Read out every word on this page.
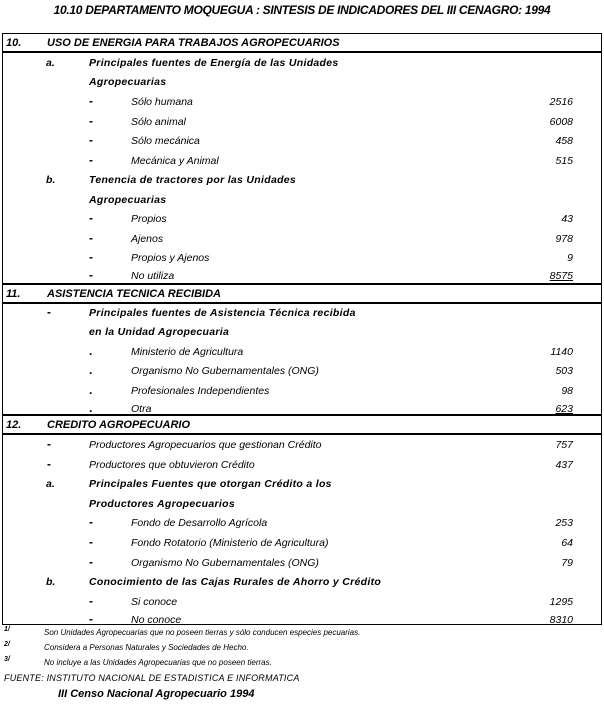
10.10 DEPARTAMENTO MOQUEGUA : SINTESIS DE INDICADORES DEL III CENAGRO: 1994
10. USO DE ENERGIA PARA TRABAJOS AGROPECUARIOS
a.	Principales fuentes de Energía de las Unidades
Agropecuarias
-	Sólo humana	2516
-	Sólo animal	6008
-	Sólo mecánica	458
-	Mecánica y Animal	515
b.	Tenencia de tractores por las Unidades
Agropecuarias
-	Propios	43
-	Ajenos	978
-	Propios y Ajenos	9
-	No utiliza	8575
11. ASISTENCIA TECNICA RECIBIDA
-	Principales fuentes de Asistencia Técnica recibida
en la Unidad Agropecuaria
.	Ministerio de Agricultura	1140
.	Organismo No Gubernamentales (ONG)	503
.	Profesionales Independientes	98
.	Otra	623
12. CREDITO AGROPECUARIO
-	Productores Agropecuarios que gestionan Crédito	757
-	Productores que obtuvieron Crédito	437
a.	Principales Fuentes que otorgan Crédito a los
Productores Agropecuarios
-	Fondo de Desarrollo Agrícola	253
-	Fondo Rotatorio (Ministerio de Agricultura)	64
-	Organismo No Gubernamentales (ONG)	79
b.	Conocimiento de las Cajas Rurales de Ahorro y Crédito
-	Si conoce	1295
-	No conoce	8310
1/	Son Unidades Agropecuarias que no poseen tierras y sólo conducen especies pecuarias.
2/	Considera a Personas Naturales y Sociedades de Hecho.
3/	No incluye a las Unidades Agropecuarias que no poseen tierras.
FUENTE: INSTITUTO NACIONAL DE ESTADISTICA E INFORMATICA
III Censo Nacional Agropecuario 1994
